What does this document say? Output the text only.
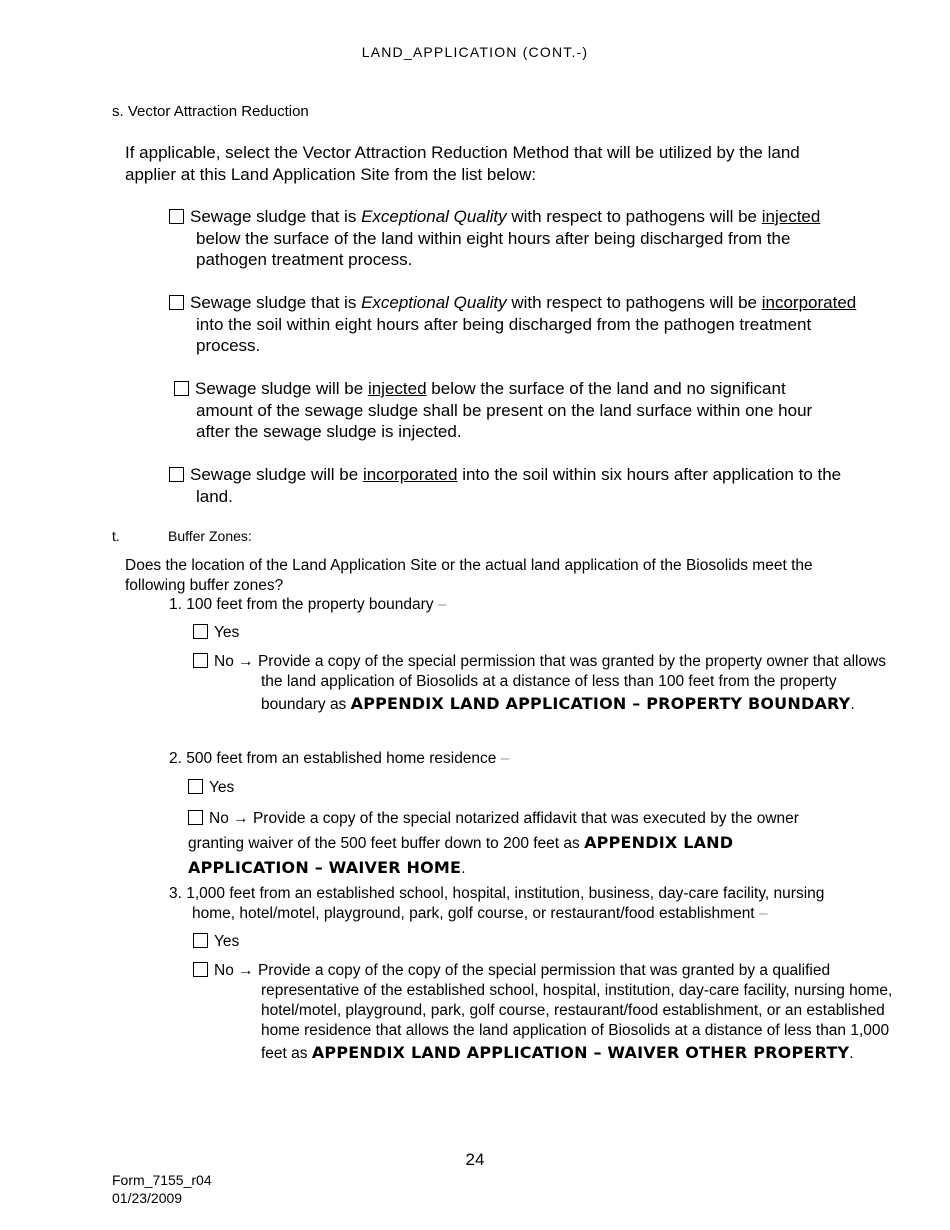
LAND_APPLICATION (CONT.-)
s. Vector Attraction Reduction
If applicable, select the Vector Attraction Reduction Method that will be utilized by the land applier at this Land Application Site from the list below:
Sewage sludge that is Exceptional Quality with respect to pathogens will be injected below the surface of the land within eight hours after being discharged from the pathogen treatment process.
Sewage sludge that is Exceptional Quality with respect to pathogens will be incorporated into the soil within eight hours after being discharged from the pathogen treatment process.
Sewage sludge will be injected below the surface of the land and no significant amount of the sewage sludge shall be present on the land surface within one hour after the sewage sludge is injected.
Sewage sludge will be incorporated into the soil within six hours after application to the land.
t.	Buffer Zones:
Does the location of the Land Application Site or the actual land application of the Biosolids meet the following buffer zones?
1. 100 feet from the property boundary –
Yes
No → Provide a copy of the special permission that was granted by the property owner that allows the land application of Biosolids at a distance of less than 100 feet from the property boundary as APPENDIX LAND APPLICATION – PROPERTY BOUNDARY.
2. 500 feet from an established home residence –
Yes
No → Provide a copy of the special notarized affidavit that was executed by the owner granting waiver of the 500 feet buffer down to 200 feet as APPENDIX LAND APPLICATION – WAIVER HOME.
3. 1,000 feet from an established school, hospital, institution, business, day-care facility, nursing
home, hotel/motel, playground, park, golf course, or restaurant/food establishment –
Yes
No → Provide a copy of the copy of the special permission that was granted by a qualified representative of the established school, hospital, institution, day-care facility, nursing home, hotel/motel, playground, park, golf course, restaurant/food establishment, or an established home residence that allows the land application of Biosolids at a distance of less than 1,000 feet as APPENDIX LAND APPLICATION – WAIVER OTHER PROPERTY.
24
Form_7155_r04
01/23/2009
